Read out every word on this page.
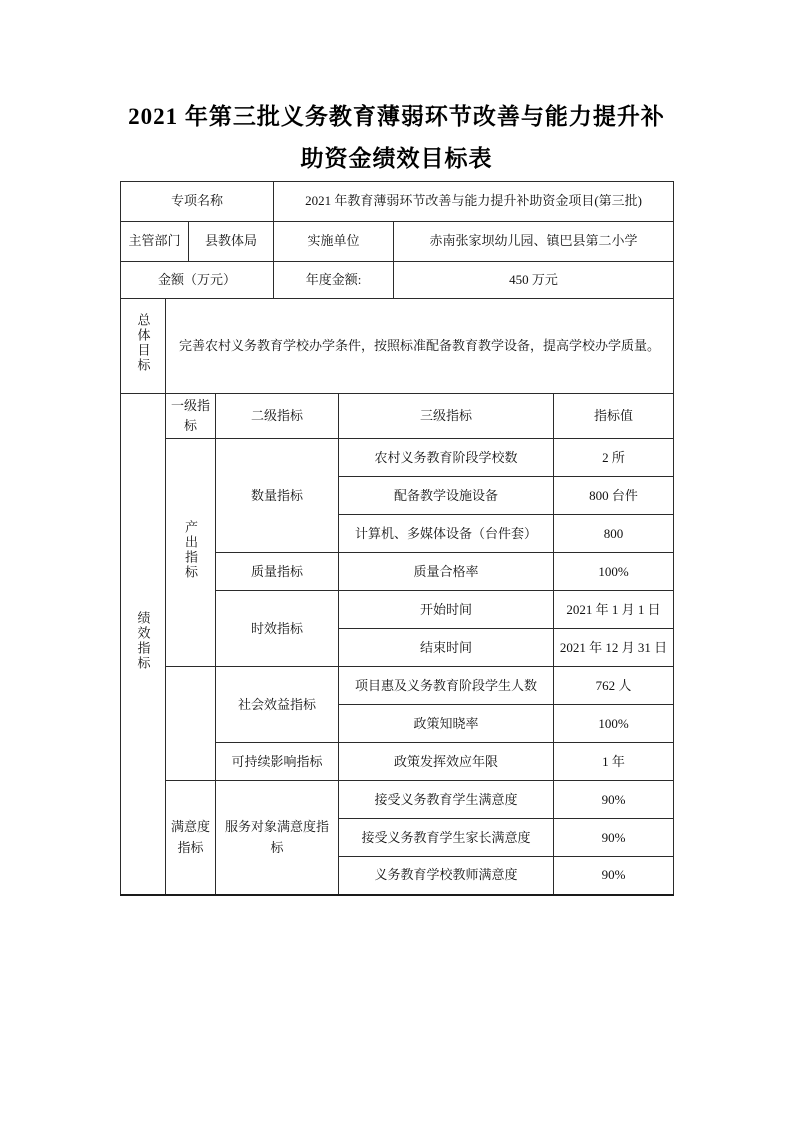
2021 年第三批义务教育薄弱环节改善与能力提升补
助资金绩效目标表
专项名称				2021 年教育薄弱环节改善与能力提升补助资金项目(第三批)			
主管部门		县教体局		实施单位		赤南张家坝幼儿园、镇巴县第二小学	
金额（万元）				年度金额:		450 万元	
总体目标	完善农村义务教育学校办学条件，按照标准配备教育教学设备，提高学校办学质量。						
绩效指标	一级指标		二级指标		三级指标		指标值
	产出指标		数量指标		农村义务教育阶段学校数		2 所
					配备教学设施设备		800 台件
					计算机、多媒体设备（台件套）		800
			质量指标		质量合格率		100%
			时效指标		开始时间		2021 年 1 月 1 日
					结束时间		2021 年 12 月 31 日
			社会效益指标		项目惠及义务教育阶段学生人数		762 人
					政策知晓率		100%
			可持续影响指标		政策发挥效应年限		1 年
	满意度指标		服务对象满意度指标		接受义务教育学生满意度		90%
					接受义务教育学生家长满意度		90%
					义务教育学校教师满意度		90%
